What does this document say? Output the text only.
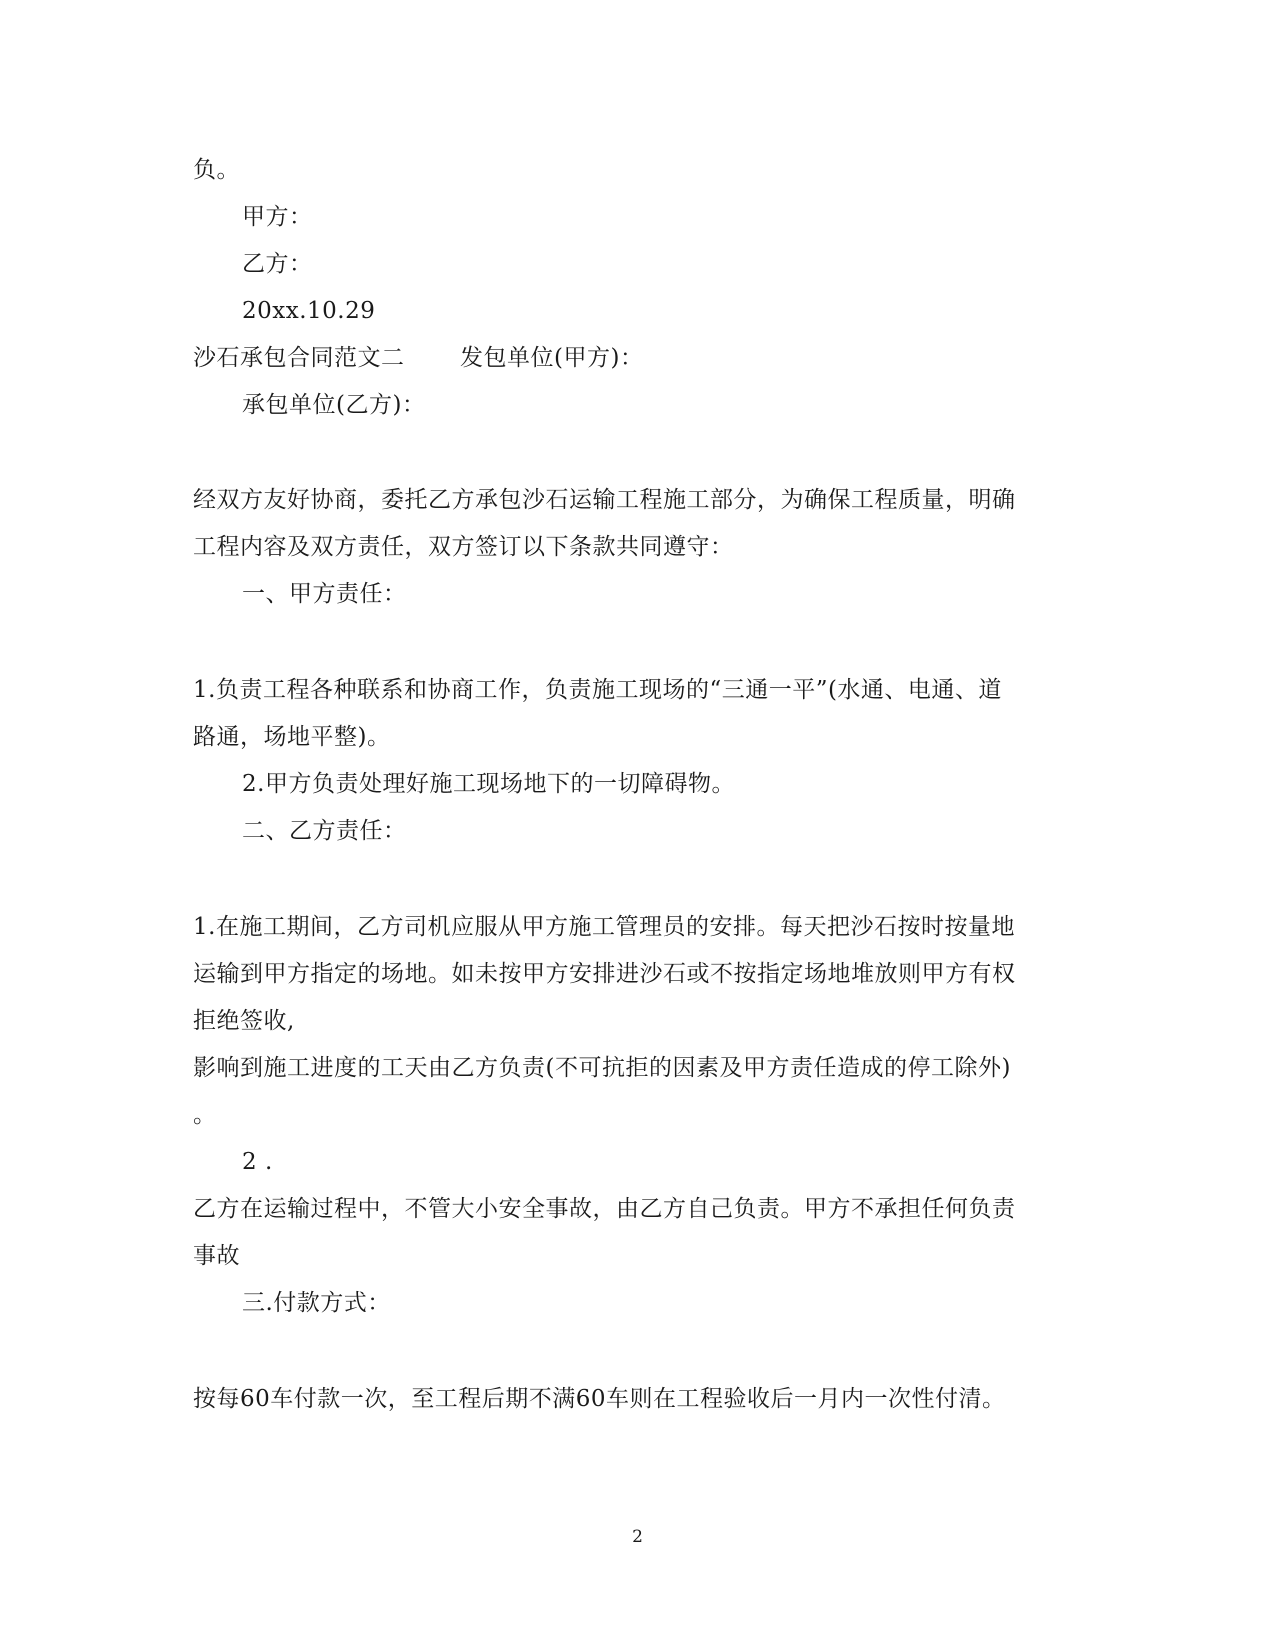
负。
甲方：
乙方：
20xx.10.29
沙石承包合同范文二 发包单位(甲方)：
承包单位(乙方)：
经双方友好协商，委托乙方承包沙石运输工程施工部分，为确保工程质量，明确
工程内容及双方责任，双方签订以下条款共同遵守：
一、甲方责任：
1.负责工程各种联系和协商工作，负责施工现场的“三通一平”(水通、电通、道
路通，场地平整)。
2.甲方负责处理好施工现场地下的一切障碍物。
二、乙方责任：
1.在施工期间，乙方司机应服从甲方施工管理员的安排。每天把沙石按时按量地
运输到甲方指定的场地。如未按甲方安排进沙石或不按指定场地堆放则甲方有权
拒绝签收,
影响到施工进度的工天由乙方负责(不可抗拒的因素及甲方责任造成的停工除外)
。
2 .
乙方在运输过程中，不管大小安全事故，由乙方自己负责。甲方不承担任何负责
事故
三.付款方式：
按每60车付款一次，至工程后期不满60车则在工程验收后一月内一次性付清。
2
